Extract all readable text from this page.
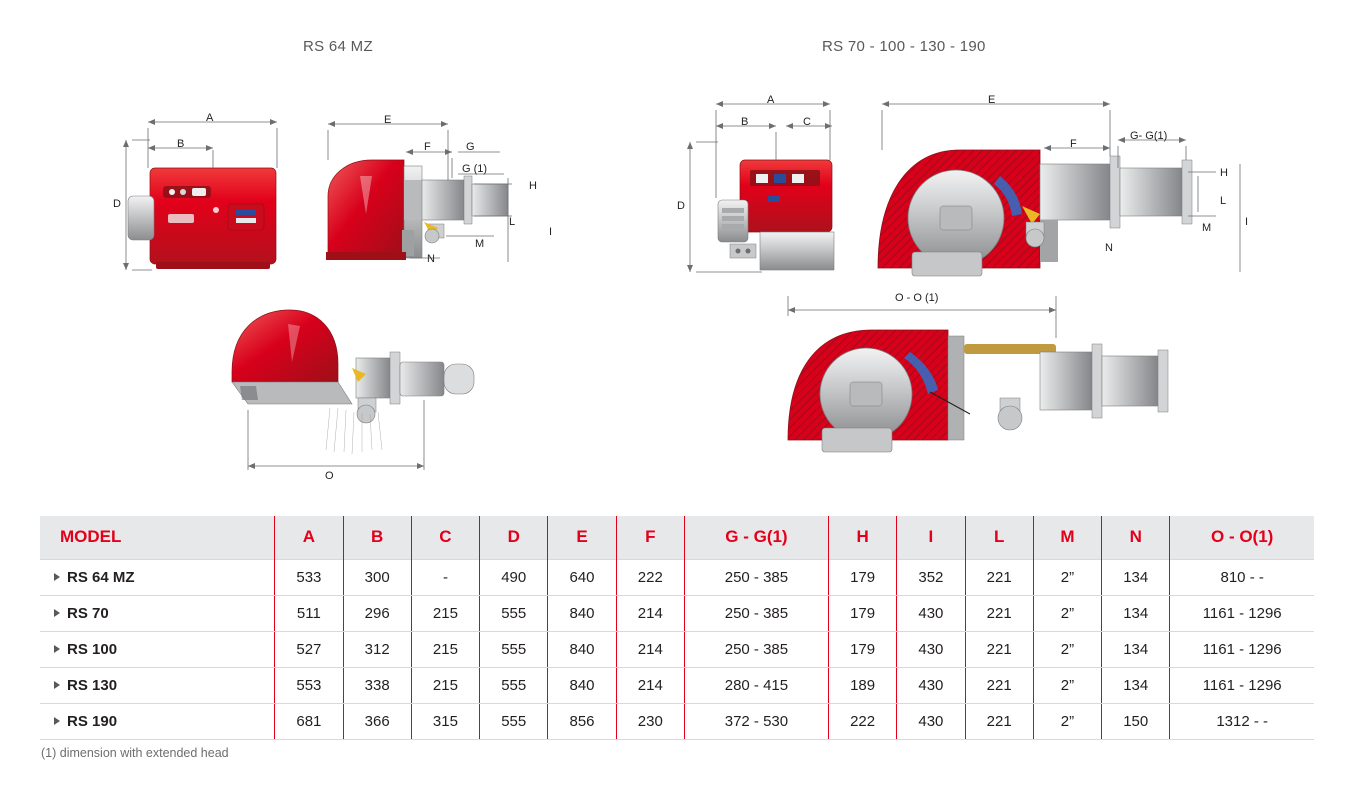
RS 64 MZ	RS 70 - 100 - 130 - 190
A
B
D
E
F	G
G (1)
H
L
M
N
I
O
A
B	C
D
E
F
G- G(1)
H
L
M
N
I
O - O (1)
MODEL	A	B	C	D	E	F	G - G(1)	H	I	L	M	N	O - O(1)
RS 64 MZ	533	300	-	490	640	222	250 - 385	179	352	221	2”	134	810 - -
RS 70	511	296	215	555	840	214	250 - 385	179	430	221	2”	134	1161 - 1296
RS 100	527	312	215	555	840	214	250 - 385	179	430	221	2”	134	1161 - 1296
RS 130	553	338	215	555	840	214	280 - 415	189	430	221	2”	134	1161 - 1296
RS 190	681	366	315	555	856	230	372 - 530	222	430	221	2”	150	1312 - -
(1) dimension with extended head
